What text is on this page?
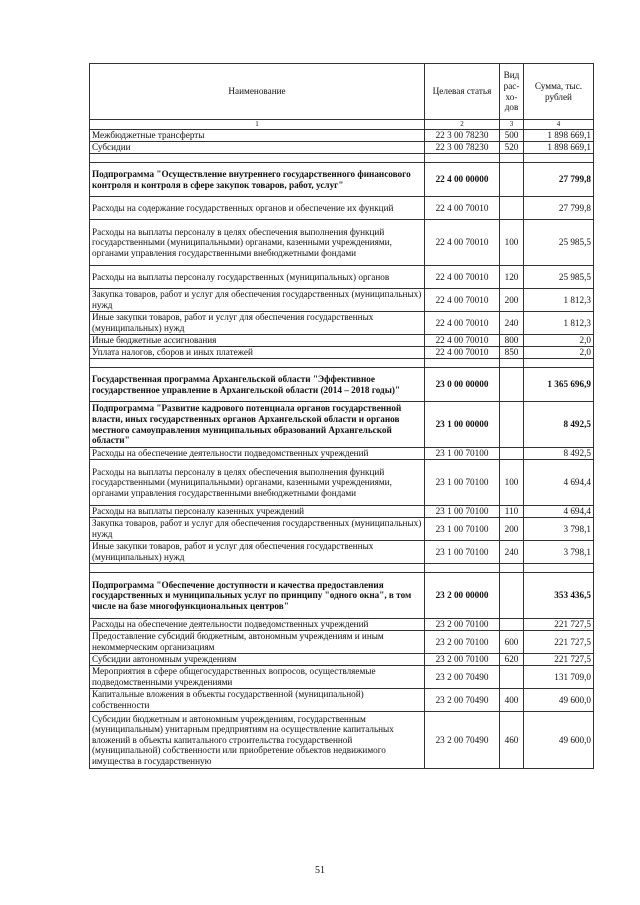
Наименование	Целевая статья	Вид рас-хо-дов	Сумма, тыс. рублей
1	2	3	4
Межбюджетные трансферты	22 3 00 78230	500	1 898 669,1
Субсидии	22 3 00 78230	520	1 898 669,1

Подпрограмма "Осуществление внутреннего государственного финансового контроля и контроля в сфере закупок товаров, работ, услуг"	22 4 00 00000		27 799,8
Расходы на содержание государственных органов и обеспечение их функций	22 4 00 70010		27 799,8
Расходы на выплаты персоналу в целях обеспечения выполнения функций государственными (муниципальными) органами, казенными учреждениями, органами управления государственными внебюджетными фондами	22 4 00 70010	100	25 985,5
Расходы на выплаты персоналу государственных (муниципальных) органов	22 4 00 70010	120	25 985,5
Закупка товаров, работ и услуг для обеспечения государственных (муниципальных) нужд	22 4 00 70010	200	1 812,3
Иные закупки товаров, работ и услуг для обеспечения государственных (муниципальных) нужд	22 4 00 70010	240	1 812,3
Иные бюджетные ассигнования	22 4 00 70010	800	2,0
Уплата налогов, сборов и иных платежей	22 4 00 70010	850	2,0

Государственная программа Архангельской области "Эффективное государственное управление в Архангельской области (2014 – 2018 годы)"	23 0 00 00000		1 365 696,9
Подпрограмма "Развитие кадрового потенциала органов государственной власти, иных государственных органов Архангельской области и органов местного самоуправления муниципальных образований Архангельской области"	23 1 00 00000		8 492,5
Расходы на обеспечение деятельности подведомственных учреждений	23 1 00 70100		8 492,5
Расходы на выплаты персоналу в целях обеспечения выполнения функций государственными (муниципальными) органами, казенными учреждениями, органами управления государственными внебюджетными фондами	23 1 00 70100	100	4 694,4
Расходы на выплаты персоналу казенных учреждений	23 1 00 70100	110	4 694,4
Закупка товаров, работ и услуг для обеспечения государственных (муниципальных) нужд	23 1 00 70100	200	3 798,1
Иные закупки товаров, работ и услуг для обеспечения государственных (муниципальных) нужд	23 1 00 70100	240	3 798,1

Подпрограмма "Обеспечение доступности и качества предоставления государственных и муниципальных услуг по принципу "одного окна", в том числе на базе многофункциональных центров"	23 2 00 00000		353 436,5
Расходы на обеспечение деятельности подведомственных учреждений	23 2 00 70100		221 727,5
Предоставление субсидий бюджетным, автономным учреждениям и иным некоммерческим организациям	23 2 00 70100	600	221 727,5
Субсидии автономным учреждениям	23 2 00 70100	620	221 727,5
Мероприятия в сфере общегосударственных вопросов, осуществляемые подведомственными учреждениями	23 2 00 70490		131 709,0
Капитальные вложения в объекты государственной (муниципальной) собственности	23 2 00 70490	400	49 600,0
Субсидии бюджетным и автономным учреждениям, государственным (муниципальным) унитарным предприятиям на осуществление капитальных вложений в объекты капитального строительства государственной (муниципальной) собственности или приобретение объектов недвижимого имущества в государственную	23 2 00 70490	460	49 600,0
51
